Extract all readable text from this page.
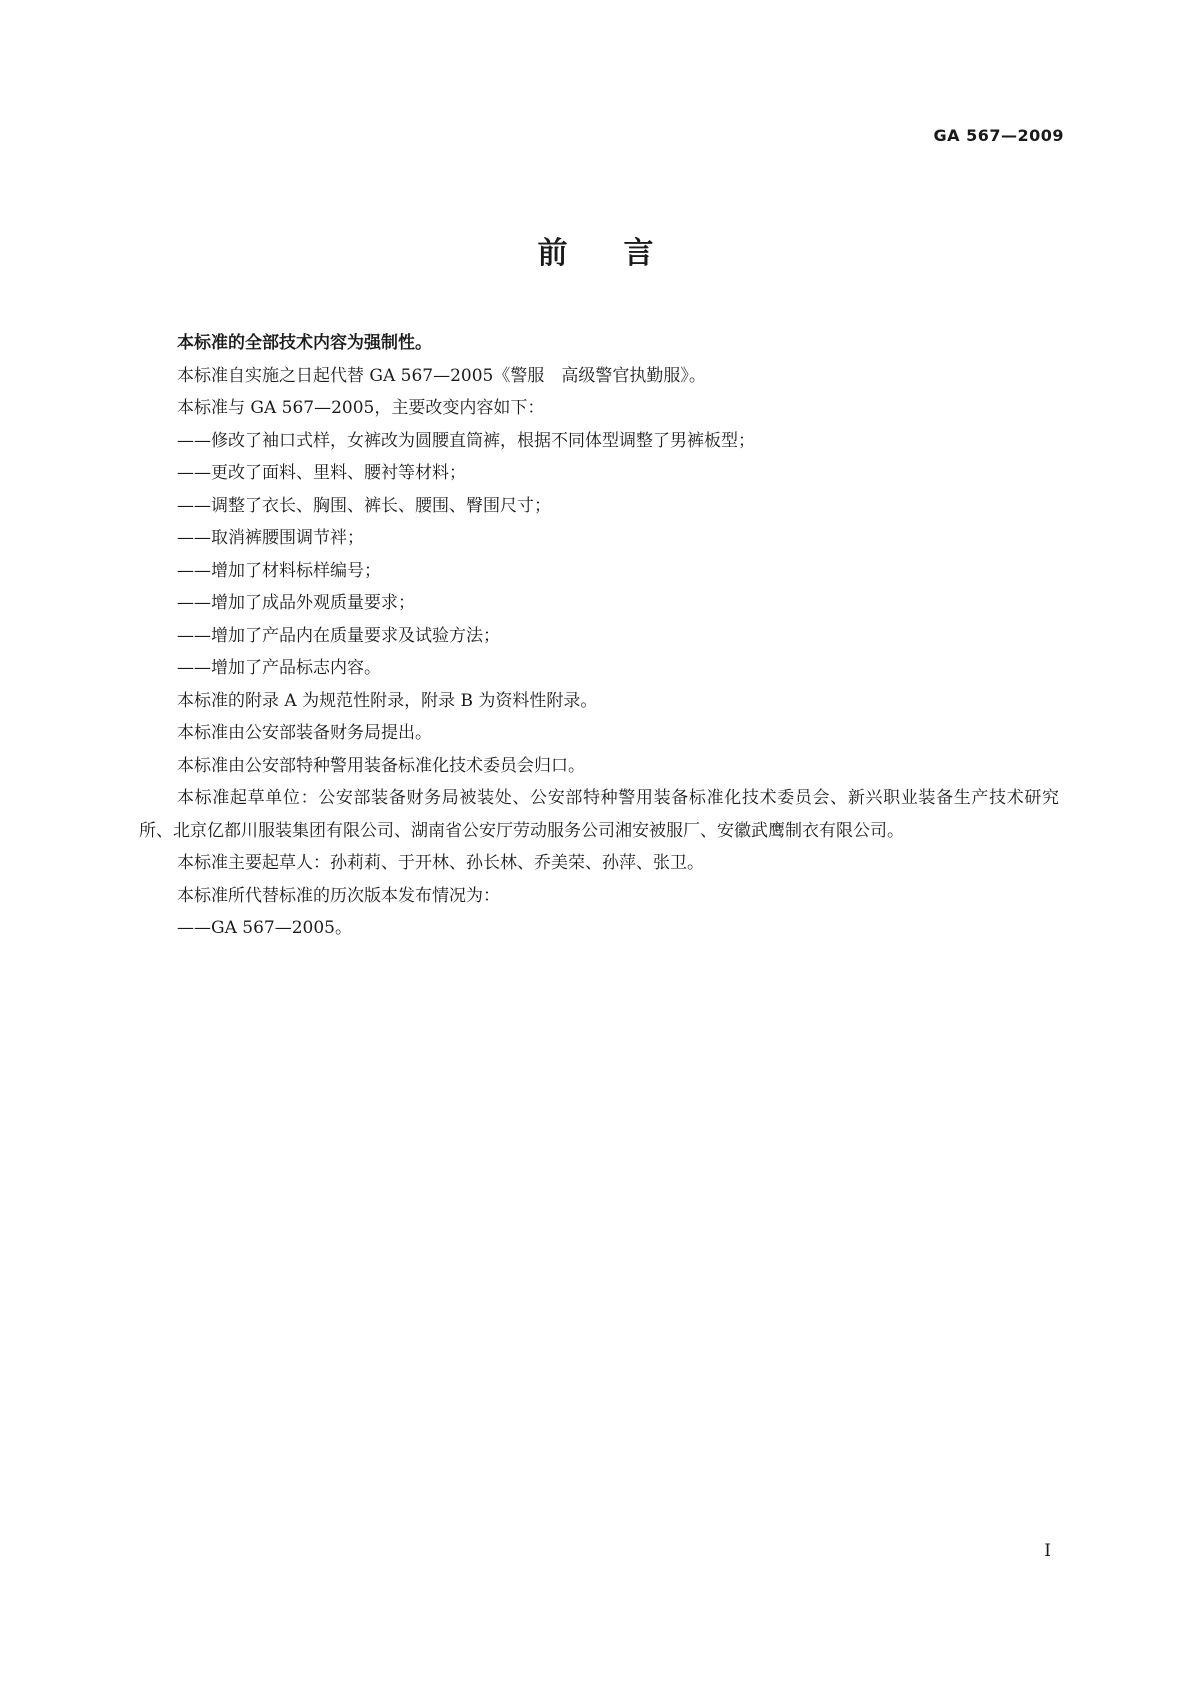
GA 567—2009
前言

本标准的全部技术内容为强制性。

本标准自实施之日起代替 GA 567—2005《警服　高级警官执勤服》。

本标准与 GA 567—2005，主要改变内容如下：

——修改了袖口式样，女裤改为圆腰直筒裤，根据不同体型调整了男裤板型；

——更改了面料、里料、腰衬等材料；

——调整了衣长、胸围、裤长、腰围、臀围尺寸；

——取消裤腰围调节袢；

——增加了材料标样编号；

——增加了成品外观质量要求；

——增加了产品内在质量要求及试验方法；

——增加了产品标志内容。

本标准的附录 A 为规范性附录，附录 B 为资料性附录。

本标准由公安部装备财务局提出。

本标准由公安部特种警用装备标准化技术委员会归口。

本标准起草单位：公安部装备财务局被装处、公安部特种警用装备标准化技术委员会、新兴职业装备生产技术研究所、北京亿都川服装集团有限公司、湖南省公安厅劳动服务公司湘安被服厂、安徽武鹰制衣有限公司。

本标准主要起草人：孙莉莉、于开林、孙长林、乔美荣、孙萍、张卫。

本标准所代替标准的历次版本发布情况为：

——GA 567—2005。

I
